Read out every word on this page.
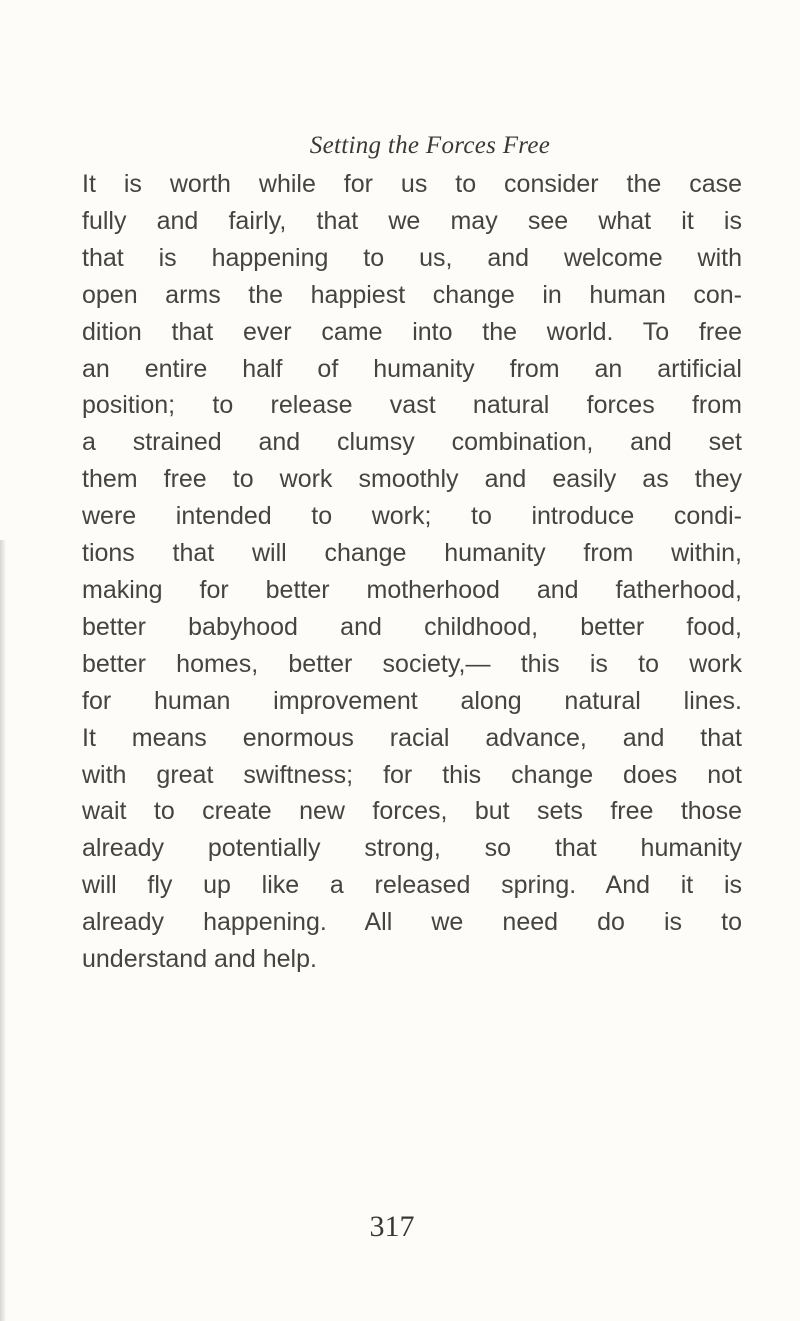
Setting the Forces Free

It is worth while for us to consider the case
fully and fairly, that we may see what it is
that is happening to us, and welcome with
open arms the happiest change in human con-
dition that ever came into the world. To free
an entire half of humanity from an artificial
position; to release vast natural forces from
a strained and clumsy combination, and set
them free to work smoothly and easily as they
were intended to work; to introduce condi-
tions that will change humanity from within,
making for better motherhood and fatherhood,
better babyhood and childhood, better food,
better homes, better society,— this is to work
for human improvement along natural lines.
It means enormous racial advance, and that
with great swiftness; for this change does not
wait to create new forces, but sets free those
already potentially strong, so that humanity
will fly up like a released spring. And it is
already happening. All we need do is to
understand and help.

317
